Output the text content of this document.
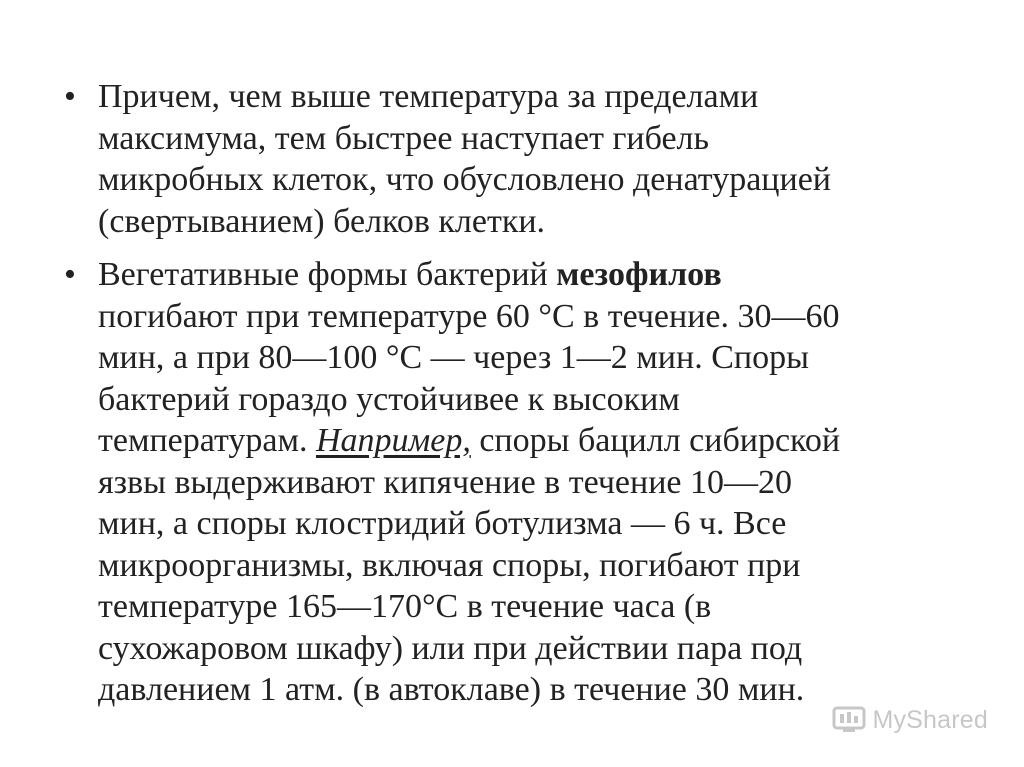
• Причем, чем выше температура за пределами
максимума, тем быстрее наступает гибель
микробных клеток, что обусловлено денатурацией
(свертыванием) белков клетки.
• Вегетативные формы бактерий мезофилов
погибают при температуре 60 °С в течение. 30—60
мин, а при 80—100 °С — через 1—2 мин. Споры
бактерий гораздо устойчивее к высоким
температурам. Например, споры бацилл сибирской
язвы выдерживают кипячение в течение 10—20
мин, а споры клостридий ботулизма — 6 ч. Все
микроорганизмы, включая споры, погибают при
температуре 165—170°С в течение часа (в
сухожаровом шкафу) или при действии пара под
давлением 1 атм. (в автоклаве) в течение 30 мин.
MyShared
